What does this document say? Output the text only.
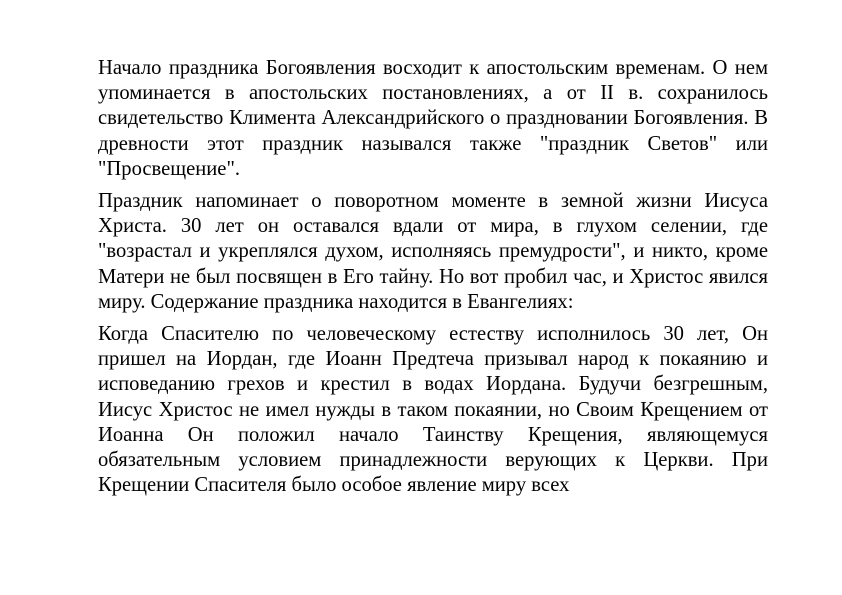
Начало праздника Богоявления восходит к апостольским временам. О нем упоминается в апостольских постановлениях, а от II в. сохранилось свидетельство Климента Александрийского о праздновании Богоявления. В древности этот праздник назывался также "праздник Светов" или "Просвещение".

Праздник напоминает о поворотном моменте в земной жизни Иисуса Христа. 30 лет он оставался вдали от мира, в глухом селении, где "возрастал и укреплялся духом, исполняясь премудрости", и никто, кроме Матери не был посвящен в Его тайну. Но вот пробил час, и Христос явился миру. Содержание праздника находится в Евангелиях:

Когда Спасителю по человеческому естеству исполнилось 30 лет, Он пришел на Иордан, где Иоанн Предтеча призывал народ к покаянию и исповеданию грехов и крестил в водах Иордана. Будучи безгрешным, Иисус Христос не имел нужды в таком покаянии, но Своим Крещением от Иоанна Он положил начало Таинству Крещения, являющемуся обязательным условием принадлежности верующих к Церкви. При Крещении Спасителя было особое явление миру всех
